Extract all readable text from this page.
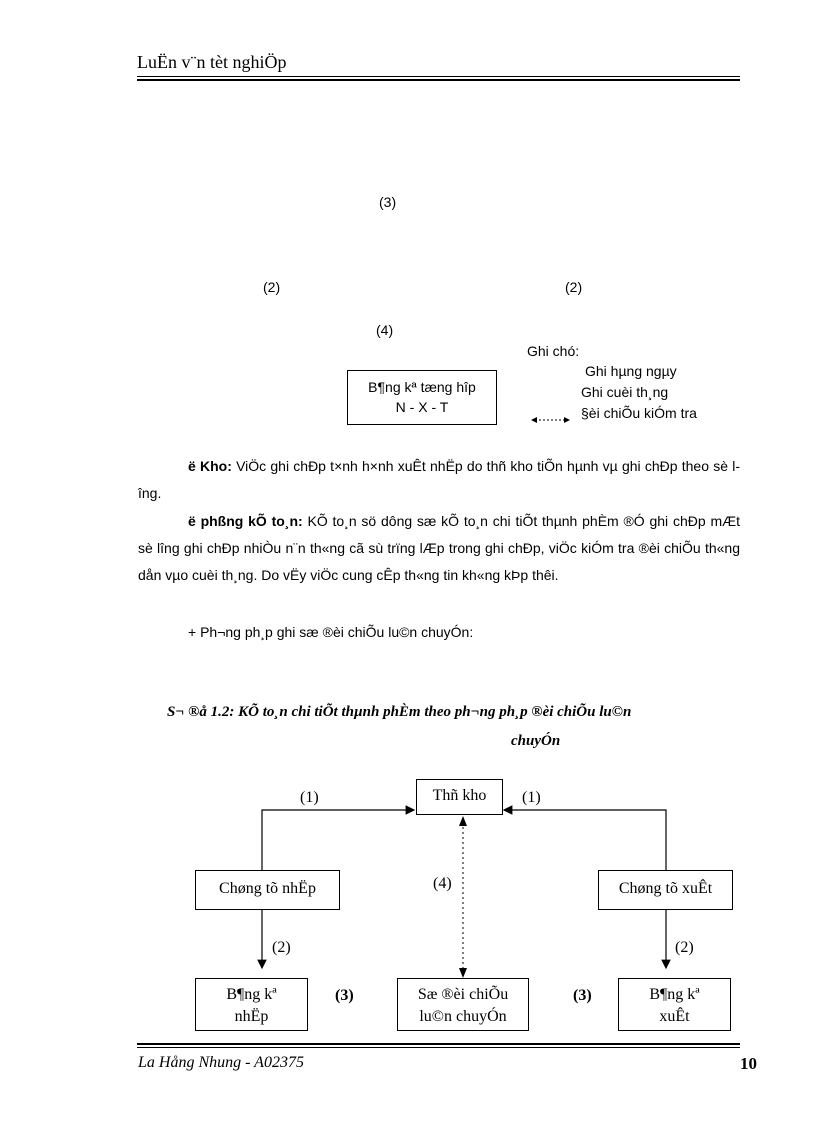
LuËn v¨n tèt nghiÖp
(3)
(2)	(2)
(4)
B¶ng kª tæng hîp
N - X - T
Ghi chó:
Ghi hµng ngµy
Ghi cuèi th¸ng
§èi chiÕu kiÓm tra
ë Kho: ViÖc ghi chÐp t×nh h×nh xuÊt nhËp do thñ kho tiÕn hµnh vµ ghi chÐp theo sè lîng.
ë phßng kÕ to¸n: KÕ to¸n sö dông sæ kÕ to¸n chi tiÕt thµnh phÈm ®Ó ghi chÐp mÆt sè lîng ghi chÐp nhiÒu n¨n th«ng cã sù trïng lÆp trong ghi chÐp, viÖc kiÓm tra ®èi chiÕu th«ng dån vµo cuèi th¸ng. Do vËy viÖc cung cÊp th«ng tin kh«ng kÞp thêi.
+ Ph¬ng ph¸p ghi sæ ®èi chiÕu lu©n chuyÓn:
S¬ ®å 1.2: KÕ to¸n chi tiÕt thµnh phÈm theo ph¬ng ph¸p ®èi chiÕu lu©n
chuyÓn
Thñ kho
Chøng tõ nhËp	Chøng tõ xuÊt
B¶ng kª
nhËp
Sæ ®èi chiÕu
lu©n chuyÓn
B¶ng kª
xuÊt
(1)	(1)
(4)
(2)	(2)
(3)	(3)
La Hång Nhung - A02375	10
